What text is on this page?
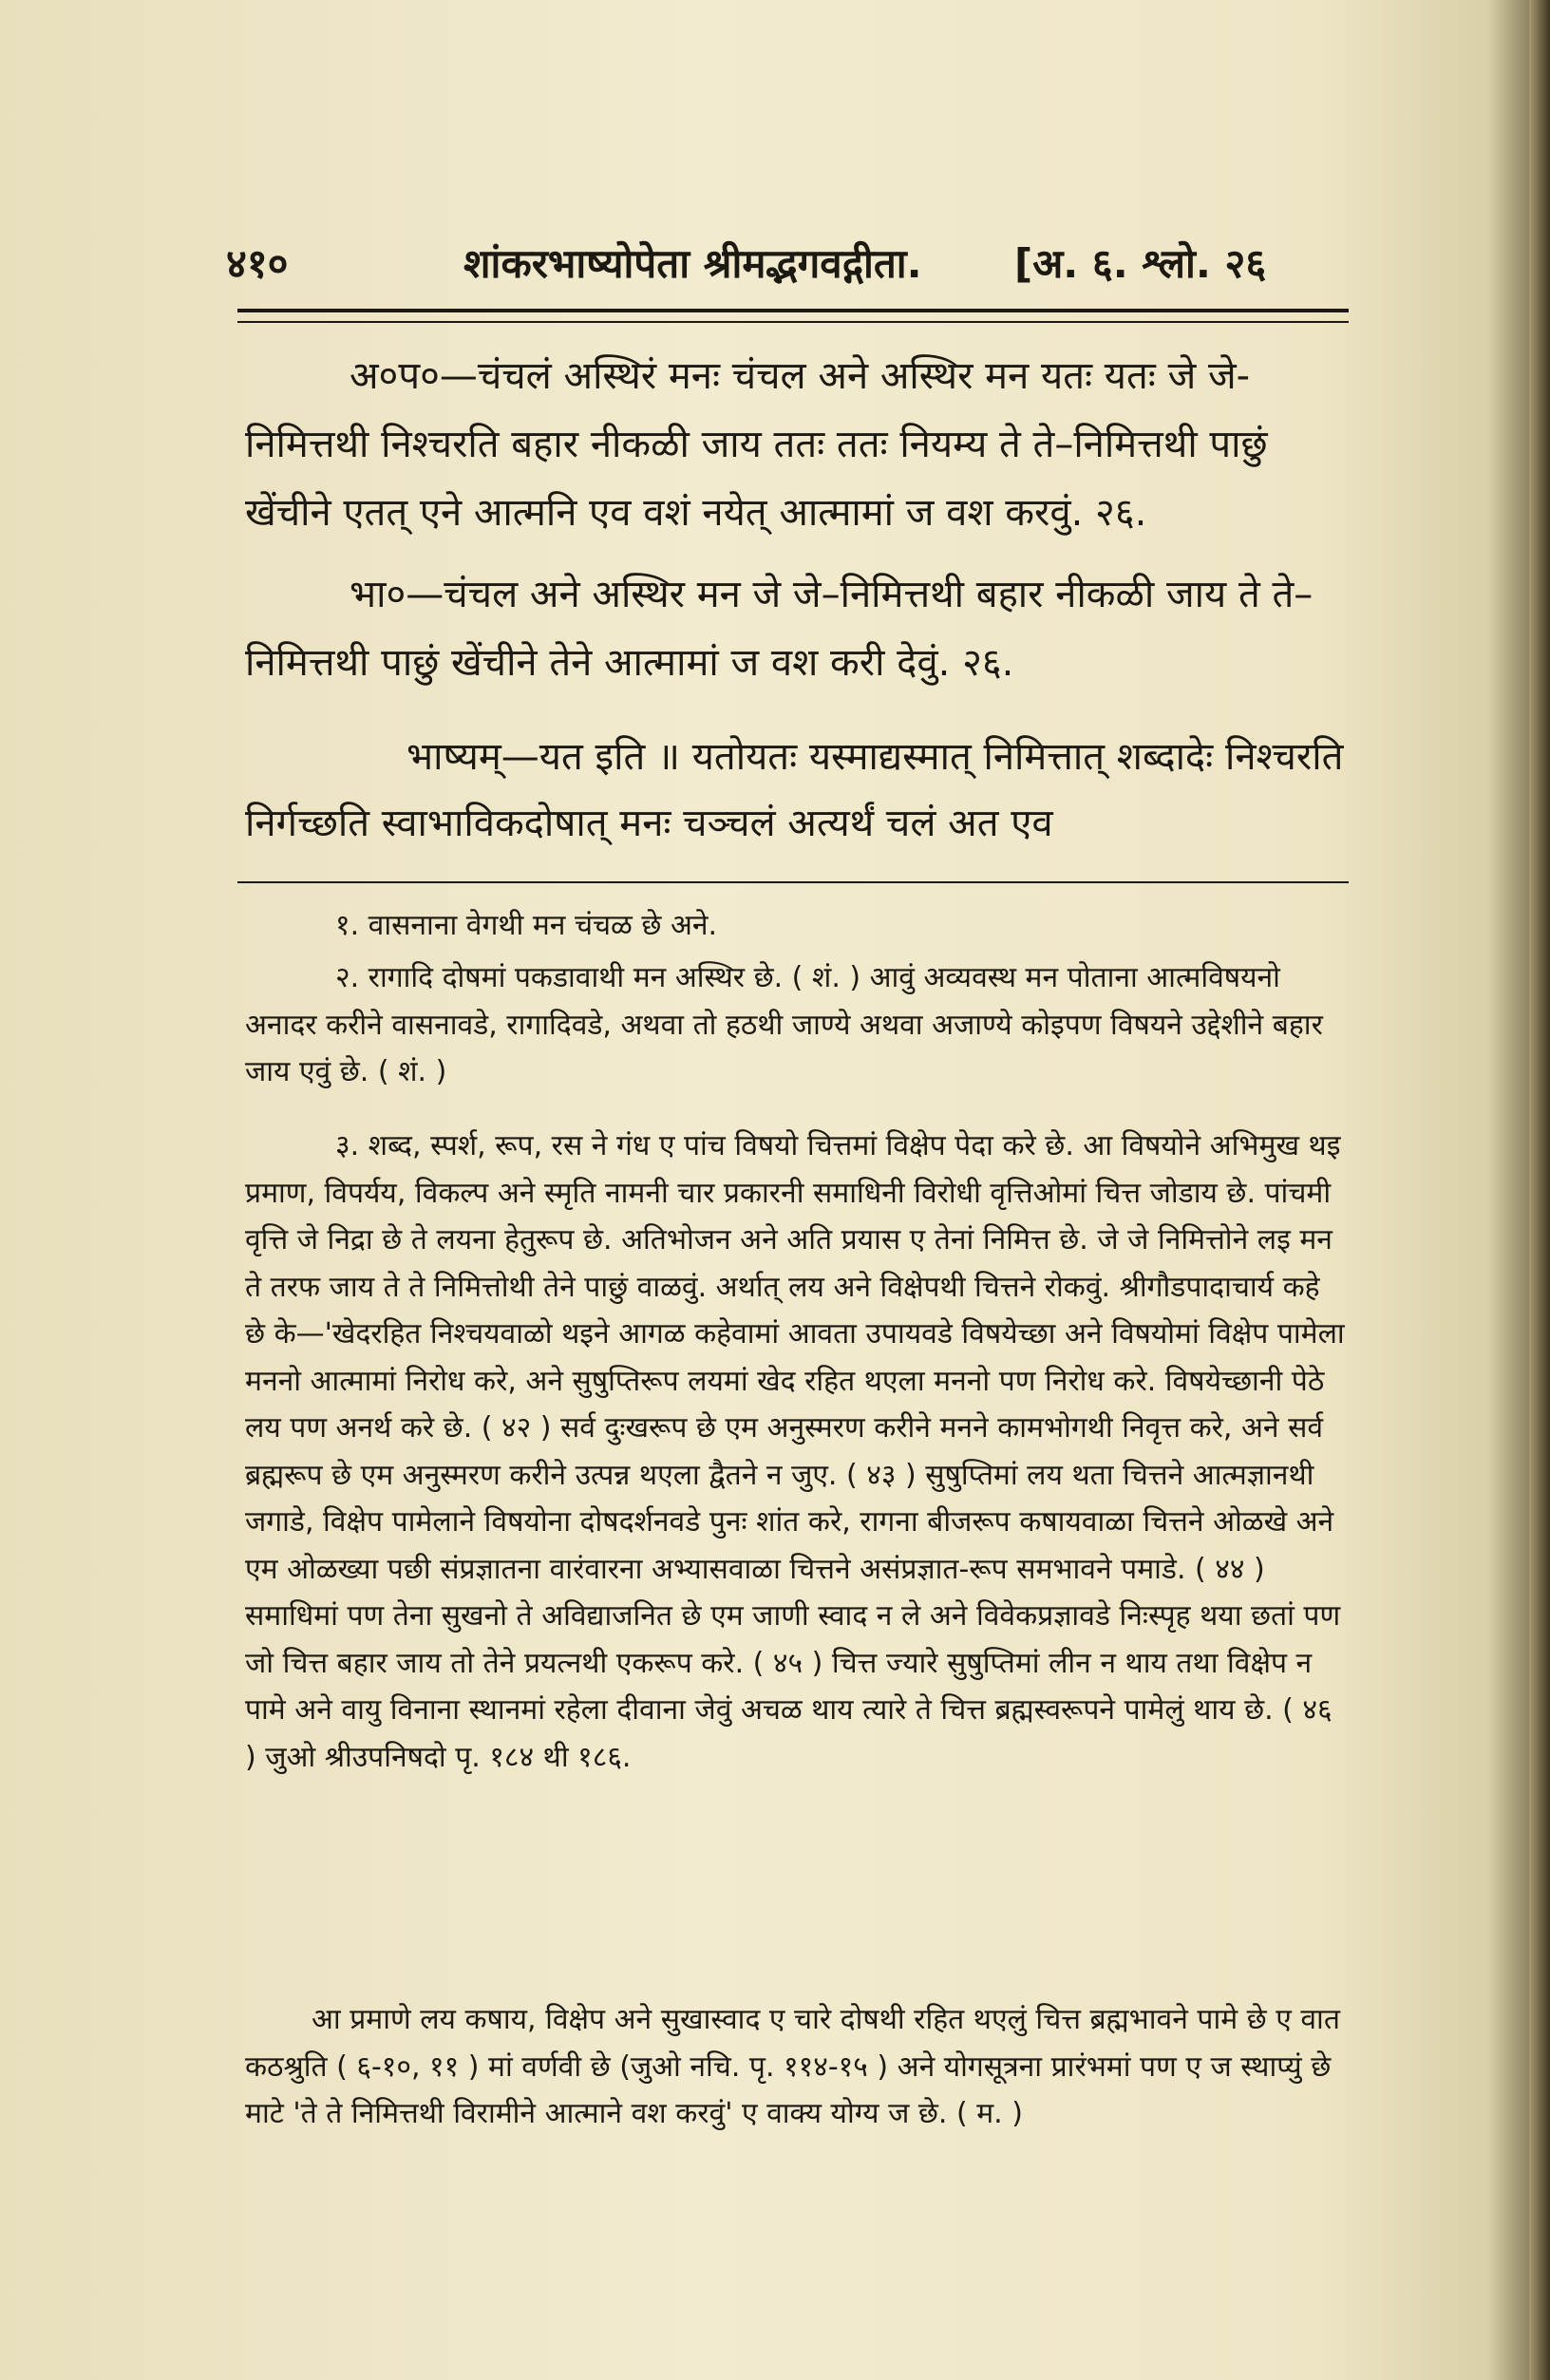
४१०	शांकरभाष्योपेता श्रीमद्भगवद्गीता. [अ. ६. श्लो. २६
अ०प०—चंचलं अस्थिरं मनः चंचल अने अस्थिर मन यतः यतः जे जे-निमित्तथी निश्चरति बहार नीकळी जाय ततः ततः नियम्य ते ते–निमित्तथी पाछुं खेंचीने एतत् एने आत्मनि एव वशं नयेत् आत्मामां ज वश करवुं. २६.
भा०—चंचल अने अस्थिर मन जे जे–निमित्तथी बहार नीकळी जाय ते ते–निमित्तथी पाछुं खेंचीने तेने आत्मामां ज वश करी देवुं. २६.
भाष्यम्—यत इति ॥ यतोयतः यस्माद्यस्मात् निमित्तात् शब्दादेः निश्चरति निर्गच्छति स्वाभाविकदोषात् मनः चञ्चलं अत्यर्थं चलं अत एव
१. वासनाना वेगथी मन चंचळ छे अने.
२. रागादि दोषमां पकडावाथी मन अस्थिर छे. ( शं. ) आवुं अव्यवस्थ मन पोताना आत्मविषयनो अनादर करीने वासनावडे, रागादिवडे, अथवा तो हठथी जाण्ये अथवा अजाण्ये कोइपण विषयने उद्देशीने बहार जाय एवुं छे. ( शं. )
३. शब्द, स्पर्श, रूप, रस ने गंध ए पांच विषयो चित्तमां विक्षेप पेदा करे छे. आ विषयोने अभिमुख थइ प्रमाण, विपर्यय, विकल्प अने स्मृति नामनी चार प्रकारनी समाधिनी विरोधी वृत्तिओमां चित्त जोडाय छे. पांचमी वृत्ति जे निद्रा छे ते लयना हेतुरूप छे. अतिभोजन अने अति प्रयास ए तेनां निमित्त छे. जे जे निमित्तोने लइ मन ते तरफ जाय ते ते निमित्तोथी तेने पाछुं वाळवुं. अर्थात् लय अने विक्षेपथी चित्तने रोकवुं. श्रीगौडपादाचार्य कहे छे के—'खेदरहित निश्चयवाळो थइने आगळ कहेवामां आवता उपायवडे विषयेच्छा अने विषयोमां विक्षेप पामेला मननो आत्मामां निरोध करे, अने सुषुप्तिरूप लयमां खेद रहित थएला मननो पण निरोध करे. विषयेच्छानी पेठे लय पण अनर्थ करे छे. ( ४२ ) सर्व दुःखरूप छे एम अनुस्मरण करीने मनने कामभोगथी निवृत्त करे, अने सर्व ब्रह्मरूप छे एम अनुस्मरण करीने उत्पन्न थएला द्वैतने न जुए. ( ४३ ) सुषुप्तिमां लय थता चित्तने आत्मज्ञानथी जगाडे, विक्षेप पामेलाने विषयोना दोषदर्शनवडे पुनः शांत करे, रागना बीजरूप कषायवाळा चित्तने ओळखे अने एम ओळख्या पछी संप्रज्ञातना वारंवारना अभ्यासवाळा चित्तने असंप्रज्ञात-रूप समभावने पमाडे. ( ४४ ) समाधिमां पण तेना सुखनो ते अविद्याजनित छे एम जाणी स्वाद न ले अने विवेकप्रज्ञावडे निःस्पृह थया छतां पण जो चित्त बहार जाय तो तेने प्रयत्नथी एकरूप करे. ( ४५ ) चित्त ज्यारे सुषुप्तिमां लीन न थाय तथा विक्षेप न पामे अने वायु विनाना स्थानमां रहेला दीवाना जेवुं अचळ थाय त्यारे ते चित्त ब्रह्मस्वरूपने पामेलुं थाय छे. ( ४६ ) जुओ श्रीउपनिषदो पृ. १८४ थी १८६.
आ प्रमाणे लय कषाय, विक्षेप अने सुखास्वाद ए चारे दोषथी रहित थएलुं चित्त ब्रह्मभावने पामे छे ए वात कठश्रुति ( ६-१०, ११ ) मां वर्णवी छे (जुओ नचि. पृ. ११४-१५ ) अने योगसूत्रना प्रारंभमां पण ए ज स्थाप्युं छे माटे 'ते ते निमित्तथी विरामीने आत्माने वश करवुं' ए वाक्य योग्य ज छे. ( म. )
